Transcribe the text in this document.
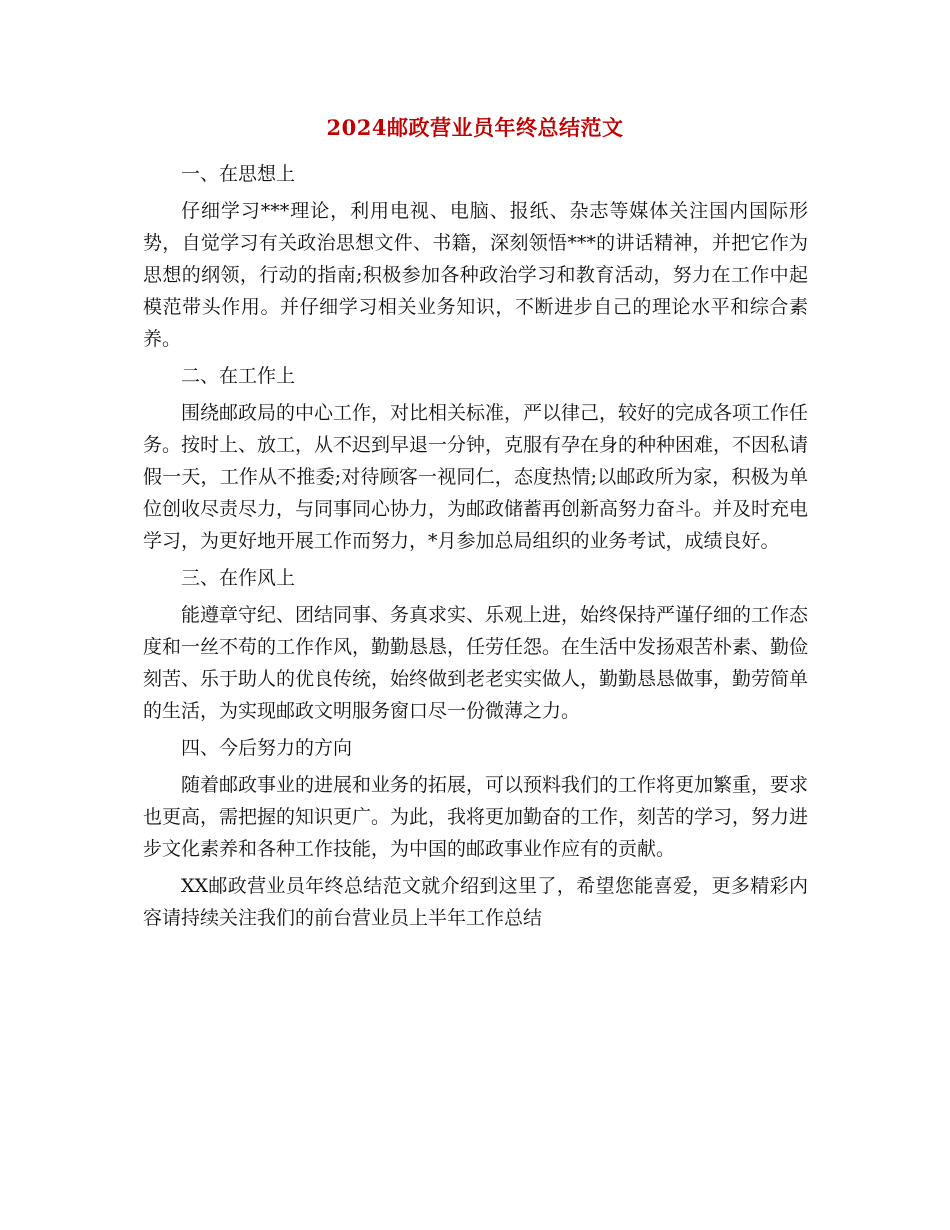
2024邮政营业员年终总结范文
一、在思想上
仔细学习***理论，利用电视、电脑、报纸、杂志等媒体关注国内国际形势，自觉学习有关政治思想文件、书籍，深刻领悟***的讲话精神，并把它作为思想的纲领，行动的指南;积极参加各种政治学习和教育活动，努力在工作中起模范带头作用。并仔细学习相关业务知识，不断进步自己的理论水平和综合素养。
二、在工作上
围绕邮政局的中心工作，对比相关标准，严以律己，较好的完成各项工作任务。按时上、放工，从不迟到早退一分钟，克服有孕在身的种种困难，不因私请假一天，工作从不推委;对待顾客一视同仁，态度热情;以邮政所为家，积极为单位创收尽责尽力，与同事同心协力，为邮政储蓄再创新高努力奋斗。并及时充电学习，为更好地开展工作而努力，*月参加总局组织的业务考试，成绩良好。
三、在作风上
能遵章守纪、团结同事、务真求实、乐观上进，始终保持严谨仔细的工作态度和一丝不苟的工作作风，勤勤恳恳，任劳任怨。在生活中发扬艰苦朴素、勤俭刻苦、乐于助人的优良传统，始终做到老老实实做人，勤勤恳恳做事，勤劳简单的生活，为实现邮政文明服务窗口尽一份微薄之力。
四、今后努力的方向
随着邮政事业的进展和业务的拓展，可以预料我们的工作将更加繁重，要求也更高，需把握的知识更广。为此，我将更加勤奋的工作，刻苦的学习，努力进步文化素养和各种工作技能，为中国的邮政事业作应有的贡献。
XX邮政营业员年终总结范文就介绍到这里了，希望您能喜爱，更多精彩内容请持续关注我们的前台营业员上半年工作总结
